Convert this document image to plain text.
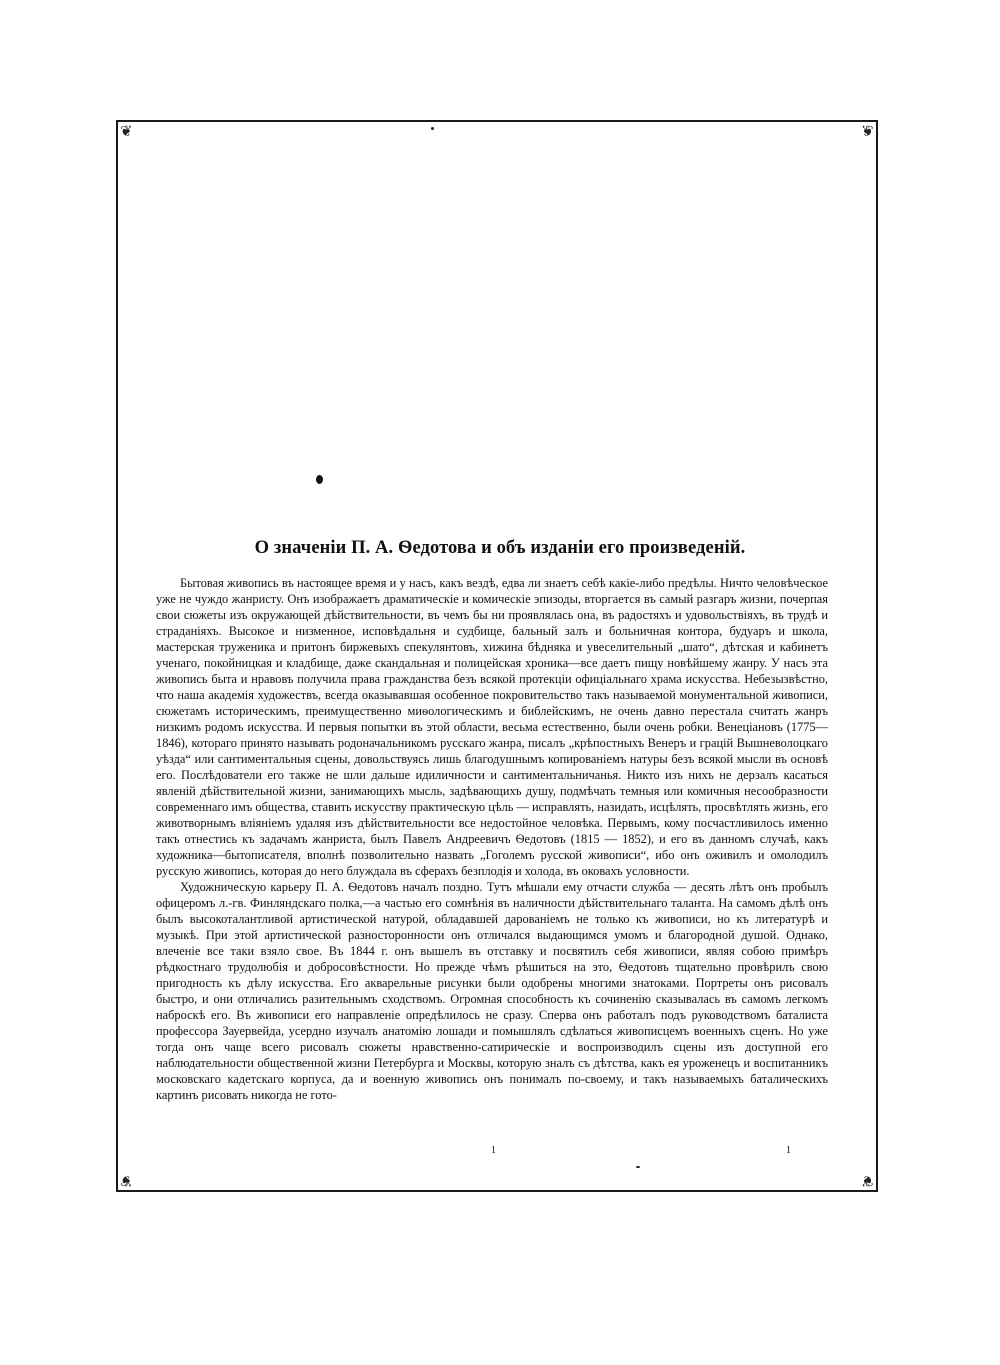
❦	❦
❦	❦
О значеніи П. А. Ѳедотова и объ изданіи его произведеній.

Бытовая живопись въ настоящее время и у насъ, какъ вездѣ, едва ли знаетъ себѣ какіе-либо предѣлы. Ничто человѣческое уже не чуждо жанристу. Онъ изображаетъ драматическіе и комическіе эпизоды, вторгается въ самый разгаръ жизни, почерпая свои сюжеты изъ окружающей дѣйствительности, въ чемъ бы ни проявлялась она, въ радостяхъ и удовольствіяхъ, въ трудѣ и страданіяхъ. Высокое и низменное, исповѣдальня и судбище, бальный залъ и больничная контора, будуаръ и школа, мастерская труженика и притонъ биржевыхъ спекулянтовъ, хижина бѣдняка и увеселительный „шато“, дѣтская и кабинетъ ученаго, покойницкая и кладбище, даже скандальная и полицейская хроника—все даетъ пищу новѣйшему жанру. У насъ эта живопись быта и нравовъ получила права гражданства безъ всякой протекціи офиціальнаго храма искусства. Небезызвѣстно, что наша академія художествъ, всегда оказывавшая особенное покровительство такъ называемой монументальной живописи, сюжетамъ историческимъ, преимущественно миѳологическимъ и библейскимъ, не очень давно перестала считать жанръ низкимъ родомъ искусства. И первыя попытки въ этой области, весьма естественно, были очень робки. Венеціановъ (1775—1846), котораго принято называть родоначальникомъ русскаго жанра, писалъ „крѣпостныхъ Венеръ и грацій Вышневолоцкаго уѣзда“ или сантиментальныя сцены, довольствуясь лишь благодушнымъ копированіемъ натуры безъ всякой мысли въ основѣ его. Послѣдователи его также не шли дальше идиличности и сантиментальничанья. Никто изъ нихъ не дерзалъ касаться явленій дѣйствительной жизни, занимающихъ мысль, задѣвающихъ душу, подмѣчать темныя или комичныя несообразности современнаго имъ общества, ставить искусству практическую цѣль — исправлять, назидать, исцѣлять, просвѣтлять жизнь, его животворнымъ вліяніемъ удаляя изъ дѣйствительности все недостойное человѣка. Первымъ, кому посчастливилось именно такъ отнестись къ задачамъ жанриста, былъ Павелъ Андреевичъ Ѳедотовъ (1815 — 1852), и его въ данномъ случаѣ, какъ художника—бытописателя, вполнѣ позволительно назвать „Гоголемъ русской живописи“, ибо онъ оживилъ и омолодилъ русскую живопись, которая до него блуждала въ сферахъ безплодія и холода, въ оковахъ условности.

Художническую карьеру П. А. Ѳедотовъ началъ поздно. Тутъ мѣшали ему отчасти служба — десять лѣтъ онъ пробылъ офицеромъ л.-гв. Финляндскаго полка,—а частью его сомнѣнія въ наличности дѣйствительнаго таланта. На самомъ дѣлѣ онъ былъ высокоталантливой артистической натурой, обладавшей дарованіемъ не только къ живописи, но къ литературѣ и музыкѣ. При этой артистической разносторонности онъ отличался выдающимся умомъ и благородной душой. Однако, влеченіе все таки взяло свое. Въ 1844 г. онъ вышелъ въ отставку и посвятилъ себя живописи, являя собою примѣръ рѣдкостнаго трудолюбія и добросовѣстности. Но прежде чѣмъ рѣшиться на это, Ѳедотовъ тщательно провѣрилъ свою пригодность къ дѣлу искусства. Его акварельные рисунки были одобрены многими знатоками. Портреты онъ рисовалъ быстро, и они отличались разительнымъ сходствомъ. Огромная способность къ сочиненію сказывалась въ самомъ легкомъ наброскѣ его. Въ живописи его направленіе опредѣлилось не сразу. Сперва онъ работалъ подъ руководствомъ баталиста профессора Зауервейда, усердно изучалъ анатомію лошади и помышлялъ сдѣлаться живописцемъ военныхъ сценъ. Но уже тогда онъ чаще всего рисовалъ сюжеты нравственно-сатирическіе и воспроизводилъ сцены изъ доступной его наблюдательности общественной жизни Петербурга и Москвы, которую зналъ съ дѣтства, какъ ея уроженецъ и воспитанникъ московскаго кадетскаго корпуса, да и военную живопись онъ понималъ по-своему, и такъ называемыхъ баталическихъ картинъ рисовать никогда не гото-

1	1
